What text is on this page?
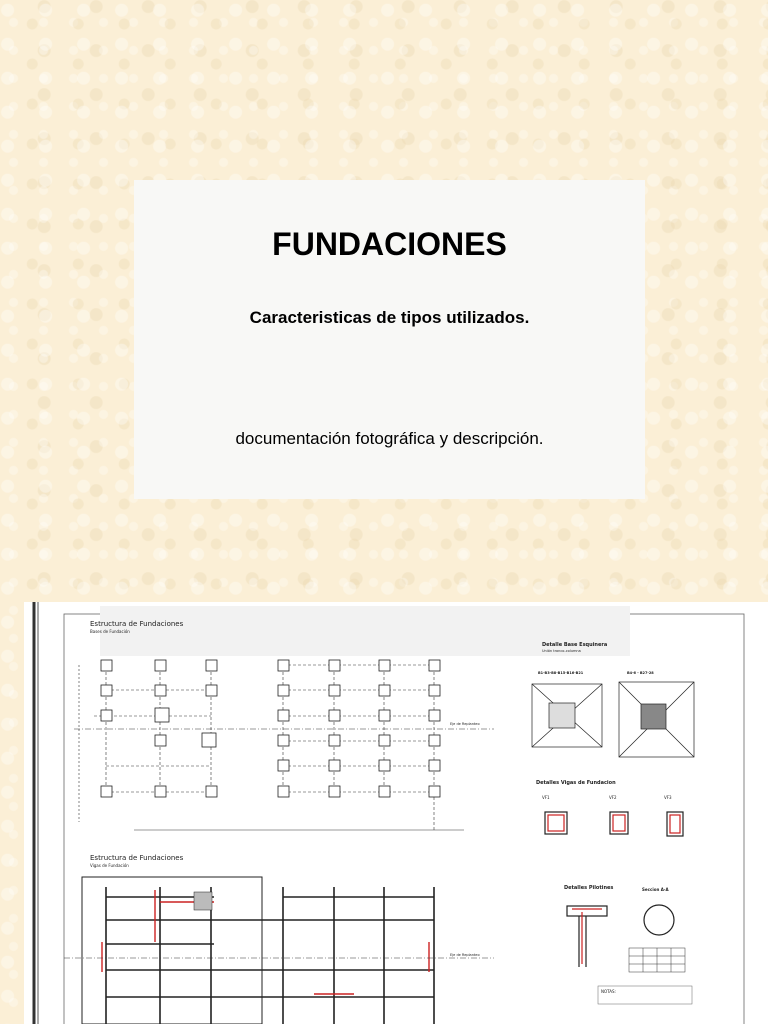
FUNDACIONES
Caracteristicas de tipos utilizados.
documentación fotográfica y descripción.
Estructura de Fundaciones
Bases de Fundación
Eje de Replanteo
Detalle Base Esquinera
Unión tronco-columna
B1-B3-B8-B15-B16-B21	B4-6 - B27-28
Detalles Vigas de Fundacion
VF1	VF2	VF3
Detalles Pilotines	Seccion A-A
NOTAS:
Estructura de Fundaciones
Vigas de Fundación
Eje de Replanteo
